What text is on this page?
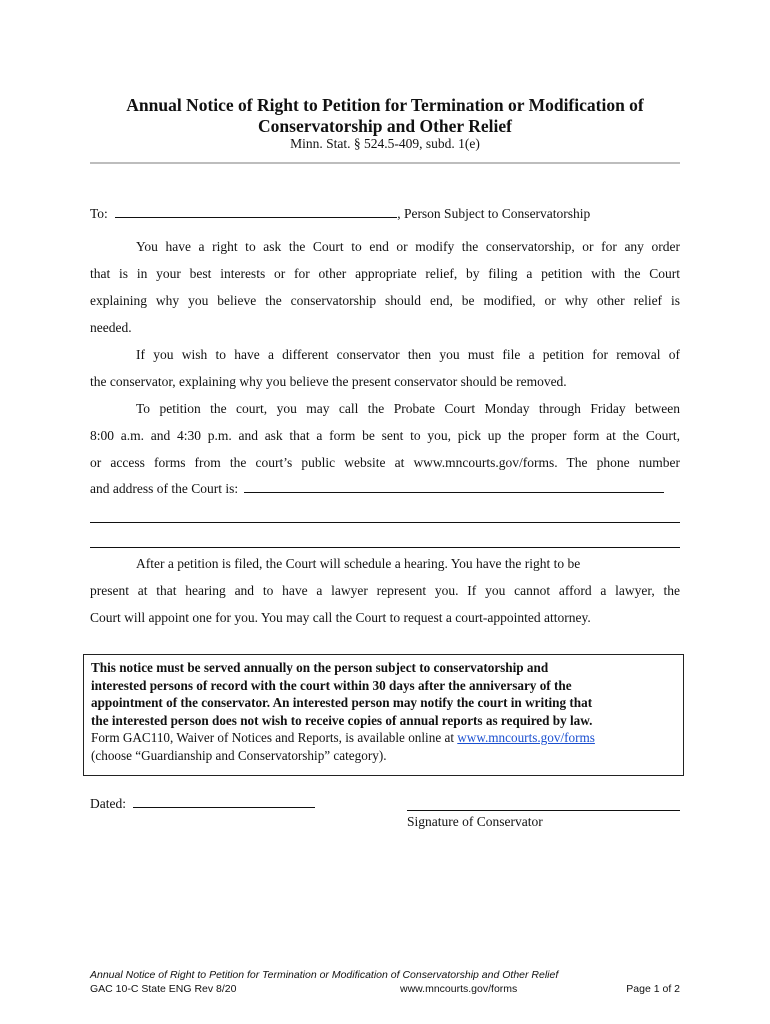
Annual Notice of Right to Petition for Termination or Modification of
Conservatorship and Other Relief
Minn. Stat. § 524.5-409, subd. 1(e)
To:	, Person Subject to Conservatorship
You have a right to ask the Court to end or modify the conservatorship, or for any order
that is in your best interests or for other appropriate relief, by filing a petition with the Court
explaining why you believe the conservatorship should end, be modified, or why other relief is
needed.
If you wish to have a different conservator then you must file a petition for removal of
the conservator, explaining why you believe the present conservator should be removed.
To petition the court, you may call the Probate Court Monday through Friday between
8:00 a.m. and 4:30 p.m. and ask that a form be sent to you, pick up the proper form at the Court,
or access forms from the court’s public website at www.mncourts.gov/forms. The phone number
and address of the Court is:
After a petition is filed, the Court will schedule a hearing. You have the right to be
present at that hearing and to have a lawyer represent you. If you cannot afford a lawyer, the
Court will appoint one for you. You may call the Court to request a court-appointed attorney.
This notice must be served annually on the person subject to conservatorship and
interested persons of record with the court within 30 days after the anniversary of the
appointment of the conservator. An interested person may notify the court in writing that
the interested person does not wish to receive copies of annual reports as required by law.
Form GAC110, Waiver of Notices and Reports, is available online at www.mncourts.gov/forms
(choose “Guardianship and Conservatorship” category).
Dated:
Signature of Conservator
Annual Notice of Right to Petition for Termination or Modification of Conservatorship and Other Relief
GAC 10-C State ENG Rev 8/20	www.mncourts.gov/forms	Page 1 of 2
